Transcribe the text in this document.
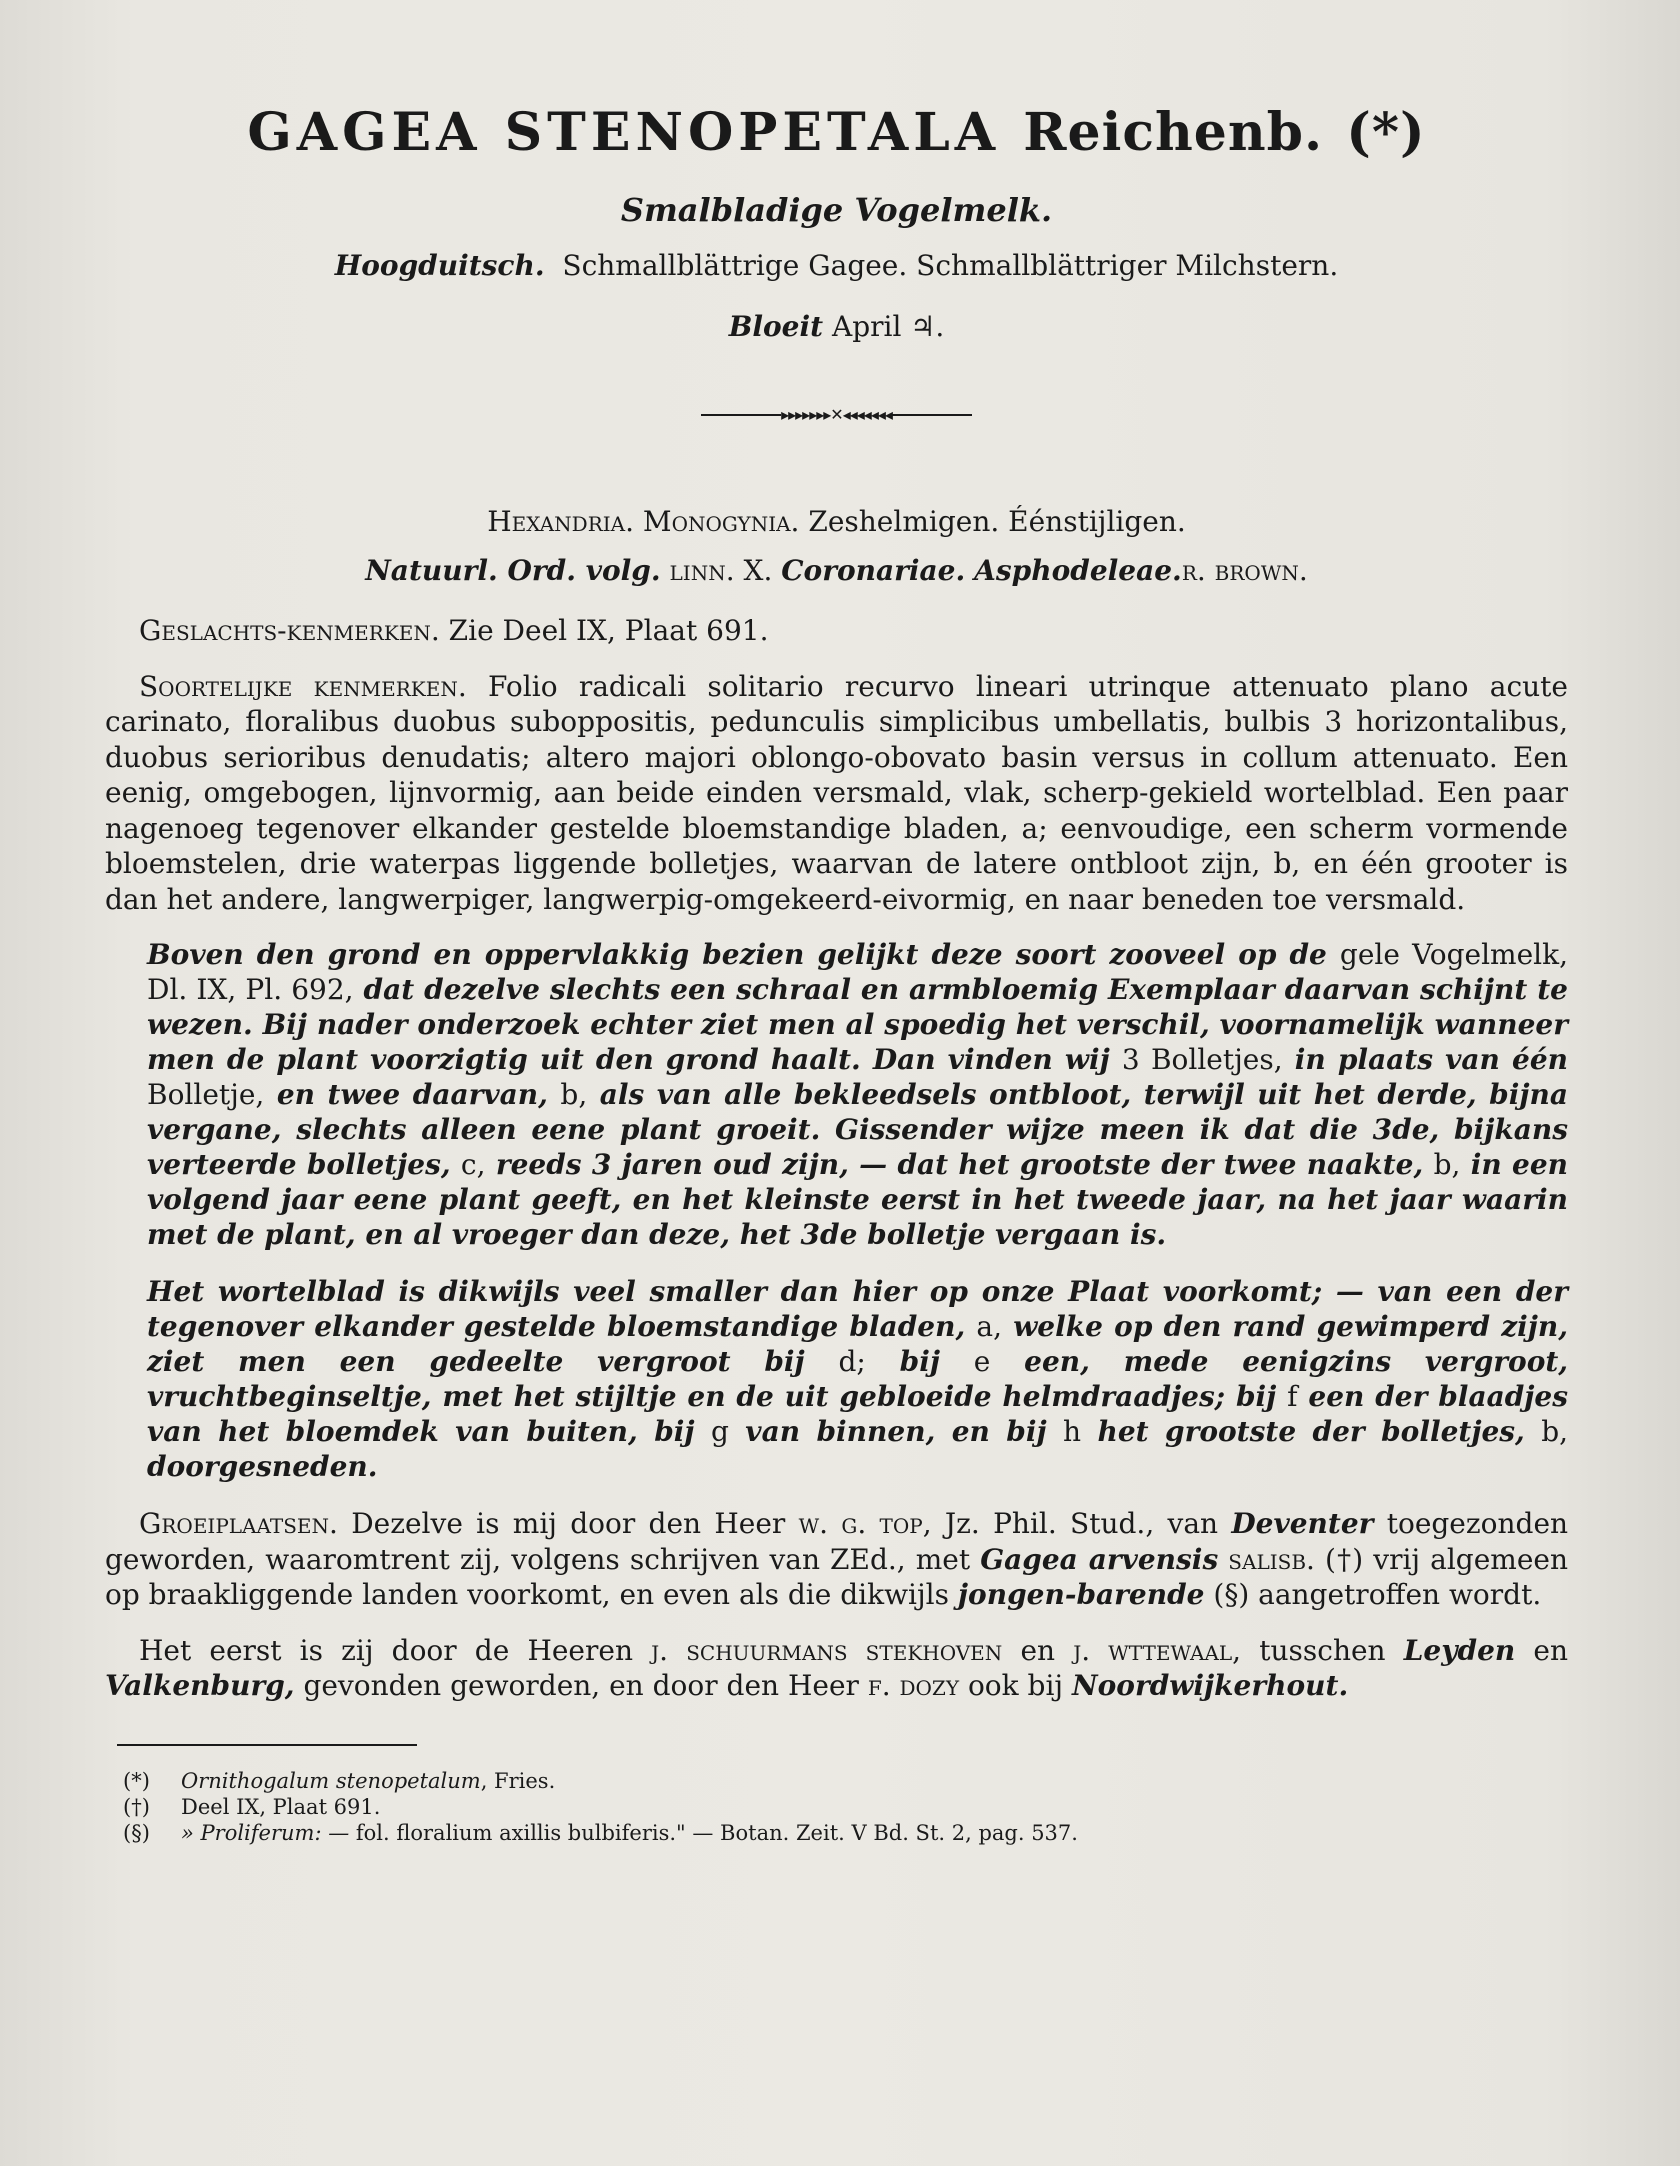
GAGEA STENOPETALA Reichenb. (*)
Smalbladige Vogelmelk.
Hoogduitsch. Schmallblättrige Gagee. Schmallblättriger Milchstern.
Bloeit April ♃.
▸▸▸▸▸▸▸✕◂◂◂◂◂◂◂
Hexandria. Monogynia. Zeshelmigen. Éénstijligen.
Natuurl. Ord. volg. linn. X. Coronariae. Asphodeleae.r. brown.

Geslachts-kenmerken. Zie Deel IX, Plaat 691.

Soortelijke kenmerken. Folio radicali solitario recurvo lineari utrinque attenuato plano acute carinato, floralibus duobus suboppositis, pedunculis simplicibus umbellatis, bulbis 3 horizontalibus, duobus serioribus denudatis; altero majori oblongo-obovato basin versus in collum attenuato. Een eenig, omgebogen, lijnvormig, aan beide einden versmald, vlak, scherp-gekield wortelblad. Een paar nagenoeg tegenover elkander gestelde bloemstandige bladen, a; eenvoudige, een scherm vormende bloemstelen, drie waterpas liggende bolletjes, waarvan de latere ontbloot zijn, b, en één grooter is dan het andere, langwerpiger, langwerpig-omgekeerd-eivormig, en naar beneden toe versmald.

Boven den grond en oppervlakkig bezien gelijkt deze soort zooveel op de gele Vogelmelk, Dl. IX, Pl. 692, dat dezelve slechts een schraal en armbloemig Exemplaar daarvan schijnt te wezen. Bij nader onderzoek echter ziet men al spoedig het verschil, voornamelijk wanneer men de plant voorzigtig uit den grond haalt. Dan vinden wij 3 Bolletjes, in plaats van één Bolletje, en twee daarvan, b, als van alle bekleedsels ontbloot, terwijl uit het derde, bijna vergane, slechts alleen eene plant groeit. Gissender wijze meen ik dat die 3de, bijkans verteerde bolletjes, c, reeds 3 jaren oud zijn, — dat het grootste der twee naakte, b, in een volgend jaar eene plant geeft, en het kleinste eerst in het tweede jaar, na het jaar waarin met de plant, en al vroeger dan deze, het 3de bolletje vergaan is.

Het wortelblad is dikwijls veel smaller dan hier op onze Plaat voorkomt; — van een der tegenover elkander gestelde bloemstandige bladen, a, welke op den rand gewimperd zijn, ziet men een gedeelte vergroot bij d; bij e een, mede eenigzins vergroot, vruchtbeginseltje, met het stijltje en de uit gebloeide helmdraadjes; bij f een der blaadjes van het bloemdek van buiten, bij g van binnen, en bij h het grootste der bolletjes, b, doorgesneden.

Groeiplaatsen. Dezelve is mij door den Heer w. g. top, Jz. Phil. Stud., van Deventer toegezonden geworden, waaromtrent zij, volgens schrijven van ZEd., met Gagea arvensis salisb. (†) vrij algemeen op braakliggende landen voorkomt, en even als die dikwijls jongen-barende (§) aangetroffen wordt.

Het eerst is zij door de Heeren j. schuurmans stekhoven en j. wttewaal, tusschen Leyden en Valkenburg, gevonden geworden, en door den Heer f. dozy ook bij Noordwijkerhout.

(*) Ornithogalum stenopetalum, Fries.
(†) Deel IX, Plaat 691.
(§) » Proliferum: — fol. floralium axillis bulbiferis." — Botan. Zeit. V Bd. St. 2, pag. 537.
